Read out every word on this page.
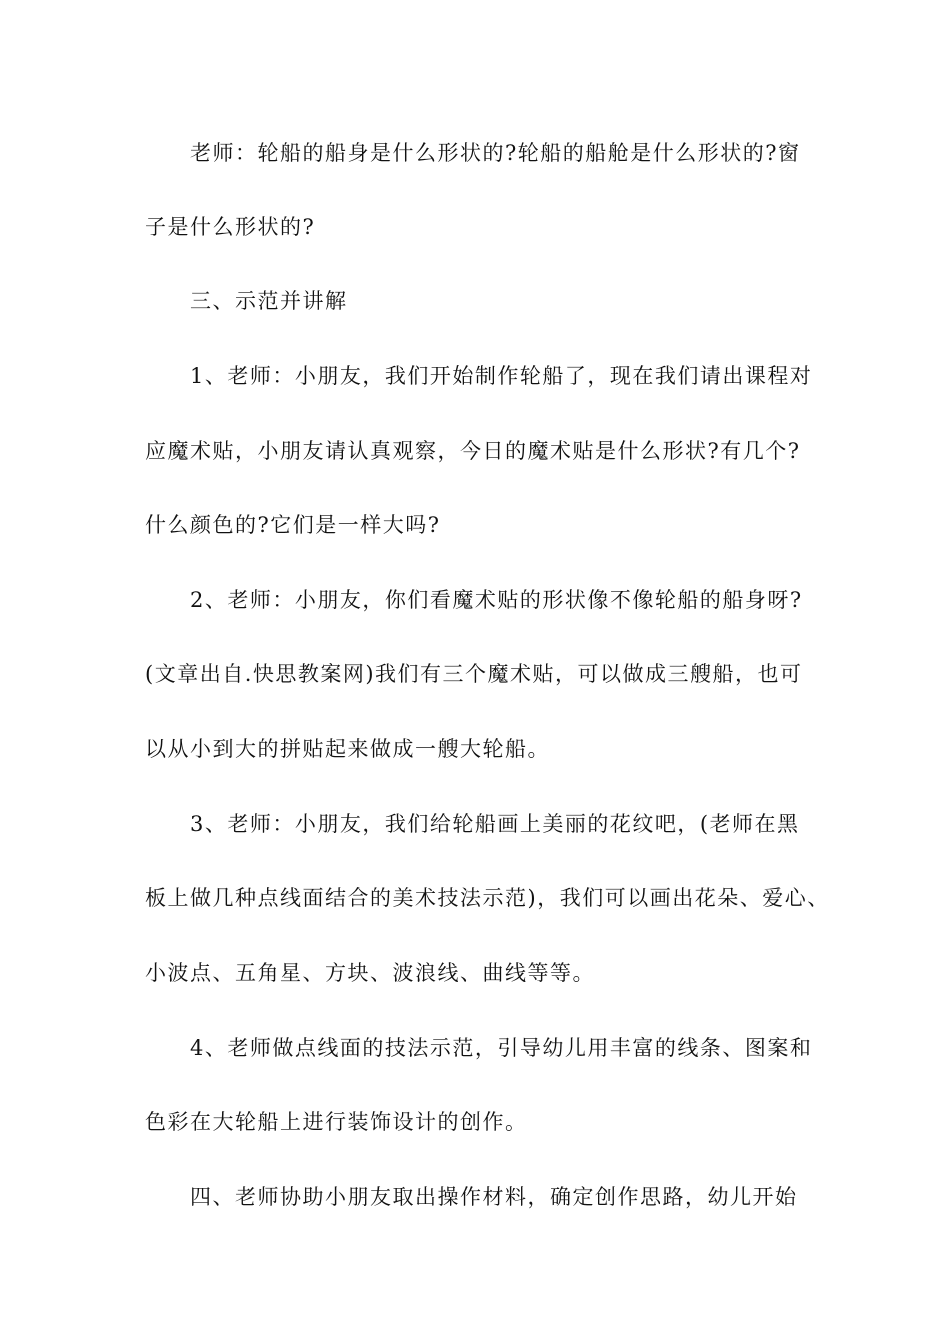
老师：轮船的船身是什么形状的?轮船的船舱是什么形状的?窗
子是什么形状的?
三、示范并讲解
1、老师：小朋友，我们开始制作轮船了，现在我们请出课程对
应魔术贴，小朋友请认真观察，今日的魔术贴是什么形状?有几个?
什么颜色的?它们是一样大吗?
2、老师：小朋友，你们看魔术贴的形状像不像轮船的船身呀?
(文章出自.快思教案网)我们有三个魔术贴，可以做成三艘船，也可
以从小到大的拼贴起来做成一艘大轮船。
3、老师：小朋友，我们给轮船画上美丽的花纹吧，(老师在黑
板上做几种点线面结合的美术技法示范)，我们可以画出花朵、爱心、
小波点、五角星、方块、波浪线、曲线等等。
4、老师做点线面的技法示范，引导幼儿用丰富的线条、图案和
色彩在大轮船上进行装饰设计的创作。
四、老师协助小朋友取出操作材料，确定创作思路，幼儿开始
